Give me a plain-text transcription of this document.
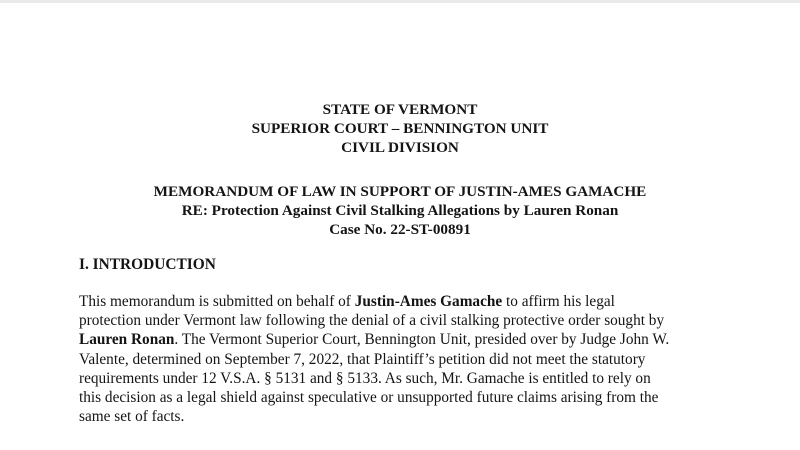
STATE OF VERMONT
SUPERIOR COURT – BENNINGTON UNIT
CIVIL DIVISION
MEMORANDUM OF LAW IN SUPPORT OF JUSTIN-AMES GAMACHE
RE: Protection Against Civil Stalking Allegations by Lauren Ronan
Case No. 22-ST-00891
I. INTRODUCTION
This memorandum is submitted on behalf of Justin-Ames Gamache to affirm his legal
protection under Vermont law following the denial of a civil stalking protective order sought by
Lauren Ronan. The Vermont Superior Court, Bennington Unit, presided over by Judge John W.
Valente, determined on September 7, 2022, that Plaintiff’s petition did not meet the statutory
requirements under 12 V.S.A. § 5131 and § 5133. As such, Mr. Gamache is entitled to rely on
this decision as a legal shield against speculative or unsupported future claims arising from the
same set of facts.
